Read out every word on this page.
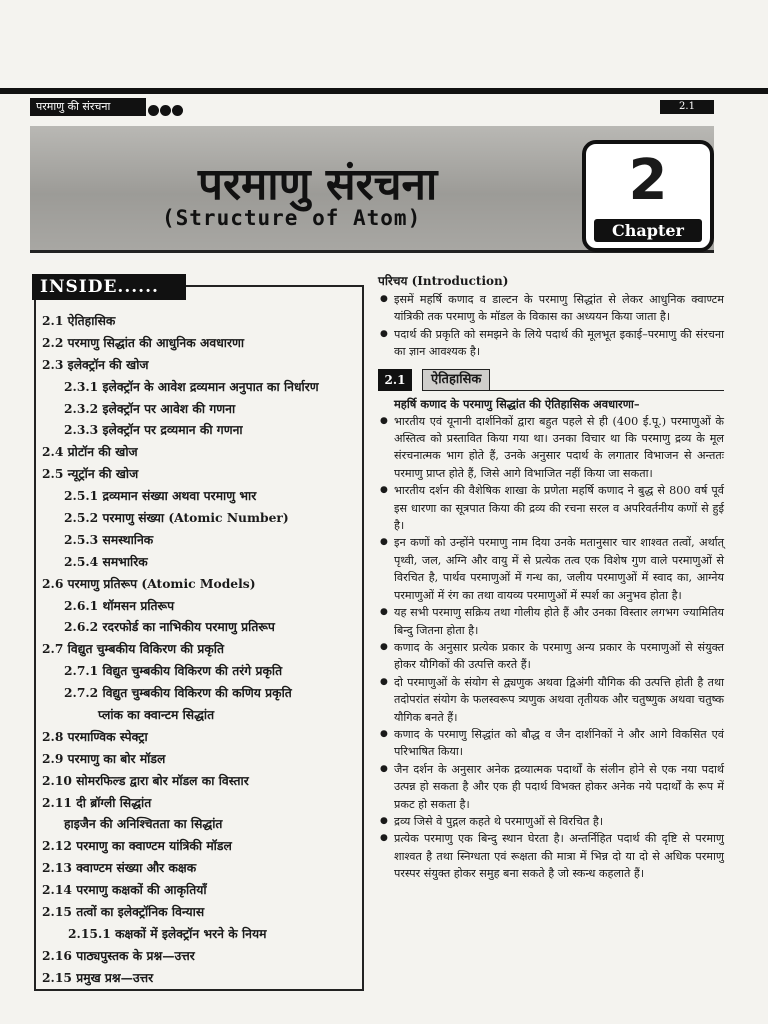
परमाणु की संरचना	2.1
परमाणु संरचना
(Structure of Atom)
2
Chapter
INSIDE......
2.1 ऐतिहासिक
2.2 परमाणु सिद्धांत की आधुनिक अवधारणा
2.3 इलेक्ट्रॉन की खोज
2.3.1 इलेक्ट्रॉन के आवेश द्रव्यमान अनुपात का निर्धारण
2.3.2 इलेक्ट्रॉन पर आवेश की गणना
2.3.3 इलेक्ट्रॉन पर द्रव्यमान की गणना
2.4 प्रोटॉन की खोज
2.5 न्यूट्रॉन की खोज
2.5.1 द्रव्यमान संख्या अथवा परमाणु भार
2.5.2 परमाणु संख्या (Atomic Number)
2.5.3 समस्थानिक
2.5.4 समभारिक
2.6 परमाणु प्रतिरूप (Atomic Models)
2.6.1 थॉमसन प्रतिरूप
2.6.2 रदरफोर्ड का नाभिकीय परमाणु प्रतिरूप
2.7 विद्युत चुम्बकीय विकिरण की प्रकृति
2.7.1 विद्युत चुम्बकीय विकिरण की तरंगे प्रकृति
2.7.2 विद्युत चुम्बकीय विकिरण की कणिय प्रकृति
प्लांक का क्वान्टम सिद्धांत
2.8 परमाण्विक स्पेक्ट्रा
2.9 परमाणु का बोर मॉडल
2.10 सोमरफिल्ड द्वारा बोर मॉडल का विस्तार
2.11 दी ब्रॉग्ली सिद्धांत
हाइजैन की अनिश्चितता का सिद्धांत
2.12 परमाणु का क्वाण्टम यांत्रिकी मॉडल
2.13 क्वाण्टम संख्या और कक्षक
2.14 परमाणु कक्षकों की आकृतियाँ
2.15 तत्वों का इलेक्ट्रॉनिक विन्यास
2.15.1 कक्षकों में इलेक्ट्रॉन भरने के नियम
2.16 पाठ्यपुस्तक के प्रश्न—उत्तर
2.15 प्रमुख प्रश्न—उत्तर
परिचय (Introduction)
● इसमें महर्षि कणाद व डाल्टन के परमाणु सिद्धांत से लेकर आधुनिक क्वाण्टम यांत्रिकी तक परमाणु के मॉडल के विकास का अध्ययन किया जाता है।
● पदार्थ की प्रकृति को समझने के लिये पदार्थ की मूलभूत इकाई–परमाणु की संरचना का ज्ञान आवश्यक है।
2.1	ऐतिहासिक
महर्षि कणाद के परमाणु सिद्धांत की ऐतिहासिक अवधारणा–
● भारतीय एवं यूनानी दार्शनिकों द्वारा बहुत पहले से ही (400 ई.पू.) परमाणुओं के अस्तित्व को प्रस्तावित किया गया था। उनका विचार था कि परमाणु द्रव्य के मूल संरचनात्मक भाग होते हैं, उनके अनुसार पदार्थ के लगातार विभाजन से अन्ततः परमाणु प्राप्त होते हैं, जिसे आगे विभाजित नहीं किया जा सकता।
● भारतीय दर्शन की वैशेषिक शाखा के प्रणेता महर्षि कणाद ने बुद्ध से 800 वर्ष पूर्व इस धारणा का सूत्रपात किया की द्रव्य की रचना सरल व अपरिवर्तनीय कणों से हुई है।
● इन कणों को उन्होंने परमाणु नाम दिया उनके मतानुसार चार शाश्वत तत्वों, अर्थात् पृथ्वी, जल, अग्नि और वायु में से प्रत्येक तत्व एक विशेष गुण वाले परमाणुओं से विरचित है, पार्थव परमाणुओं में गन्ध का, जलीय परमाणुओं में स्वाद का, आग्नेय परमाणुओं में रंग का तथा वायव्य परमाणुओं में स्पर्श का अनुभव होता है।
● यह सभी परमाणु सक्रिय तथा गोलीय होते हैं और उनका विस्तार लगभग ज्यामितिय बिन्दु जितना होता है।
● कणाद के अनुसार प्रत्येक प्रकार के परमाणु अन्य प्रकार के परमाणुओं से संयुक्त होकर यौगिकों की उत्पत्ति करते हैं।
● दो परमाणुओं के संयोग से द्व्यणुक अथवा द्विअंगी यौगिक की उत्पत्ति होती है तथा तदोपरांत संयोग के फलस्वरूप त्र्यणुक अथवा तृतीयक और चतुष्णुक अथवा चतुष्क यौगिक बनते हैं।
● कणाद के परमाणु सिद्धांत को बौद्ध व जैन दार्शनिकों ने और आगे विकसित एवं परिभाषित किया।
● जैन दर्शन के अनुसार अनेक द्रव्यात्मक पदार्थों के संलीन होने से एक नया पदार्थ उत्पन्न हो सकता है और एक ही पदार्थ विभक्त होकर अनेक नये पदार्थों के रूप में प्रकट हो सकता है।
● द्रव्य जिसे वे पुद्गल कहते थे परमाणुओं से विरचित है।
● प्रत्येक परमाणु एक बिन्दु स्थान घेरता है। अन्तर्निहित पदार्थ की दृष्टि से परमाणु शाश्वत है तथा स्निग्धता एवं रूक्षता की मात्रा में भिन्न दो या दो से अधिक परमाणु परस्पर संयुक्त होकर समुह बना सकते है जो स्कन्ध कहलाते हैं।
